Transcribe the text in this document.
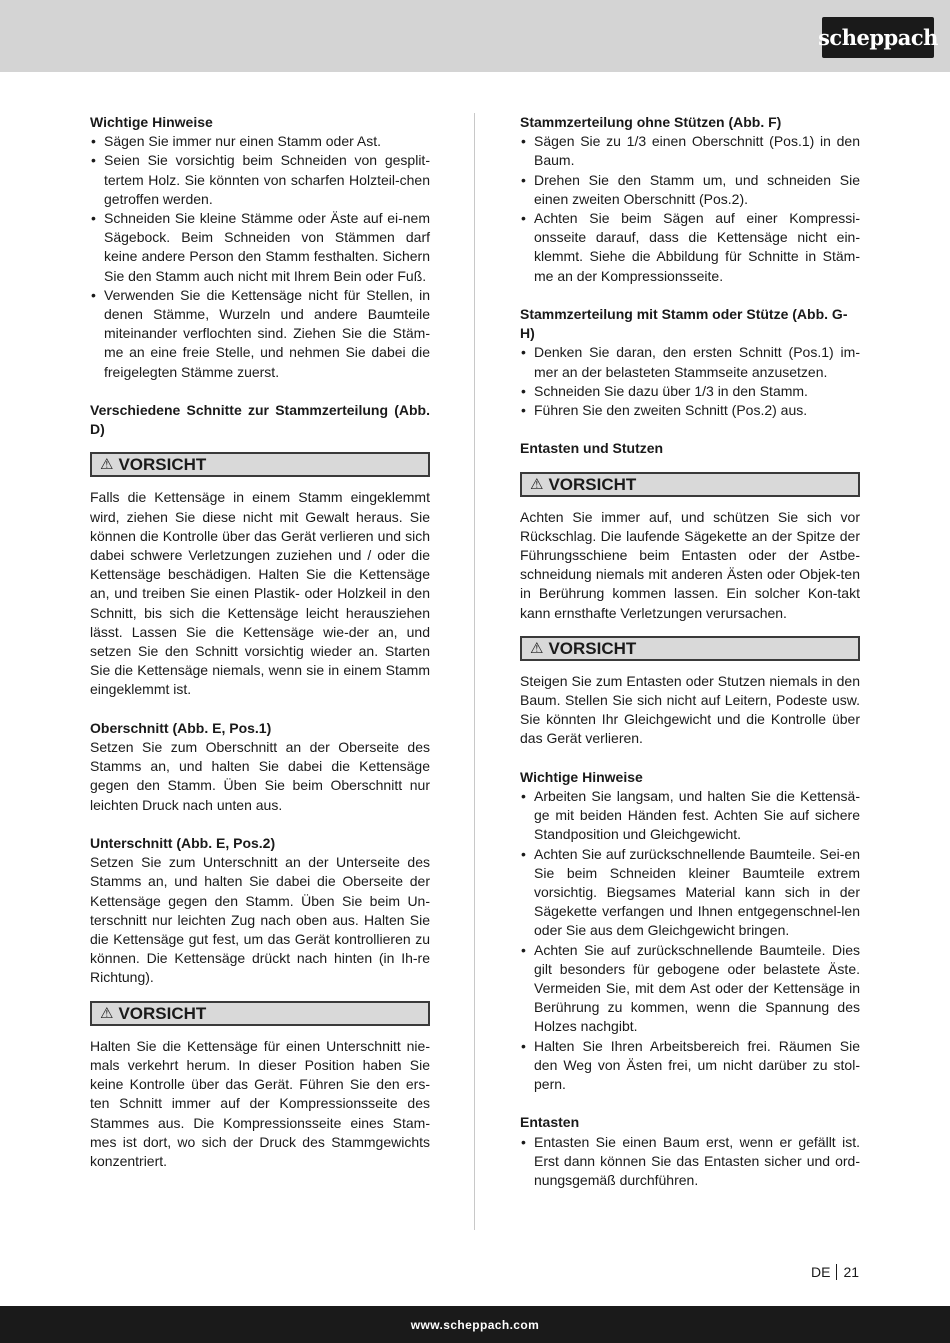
scheppach

Wichtige Hinweise

• Sägen Sie immer nur einen Stamm oder Ast.
• Seien Sie vorsichtig beim Schneiden von gesplit-tertem Holz. Sie könnten von scharfen Holzteil-chen getroffen werden.
• Schneiden Sie kleine Stämme oder Äste auf ei-nem Sägebock. Beim Schneiden von Stämmen darf keine andere Person den Stamm festhalten. Sichern Sie den Stamm auch nicht mit Ihrem Bein oder Fuß.
• Verwenden Sie die Kettensäge nicht für Stellen, in denen Stämme, Wurzeln und andere Baumteile miteinander verflochten sind. Ziehen Sie die Stäm-me an eine freie Stelle, und nehmen Sie dabei die freigelegten Stämme zuerst.

Verschiedene Schnitte zur Stammzerteilung (Abb. D)

⚠ VORSICHT

Falls die Kettensäge in einem Stamm eingeklemmt wird, ziehen Sie diese nicht mit Gewalt heraus. Sie können die Kontrolle über das Gerät verlieren und sich dabei schwere Verletzungen zuziehen und / oder die Kettensäge beschädigen. Halten Sie die Kettensäge an, und treiben Sie einen Plastik- oder Holzkeil in den Schnitt, bis sich die Kettensäge leicht herausziehen lässt. Lassen Sie die Kettensäge wie-der an, und setzen Sie den Schnitt vorsichtig wieder an. Starten Sie die Kettensäge niemals, wenn sie in einem Stamm eingeklemmt ist.

Oberschnitt (Abb. E, Pos.1)

Setzen Sie zum Oberschnitt an der Oberseite des Stamms an, und halten Sie dabei die Kettensäge gegen den Stamm. Üben Sie beim Oberschnitt nur leichten Druck nach unten aus.

Unterschnitt (Abb. E, Pos.2)

Setzen Sie zum Unterschnitt an der Unterseite des Stamms an, und halten Sie dabei die Oberseite der Kettensäge gegen den Stamm. Üben Sie beim Un-terschnitt nur leichten Zug nach oben aus. Halten Sie die Kettensäge gut fest, um das Gerät kontrollieren zu können. Die Kettensäge drückt nach hinten (in Ih-re Richtung).

⚠ VORSICHT

Halten Sie die Kettensäge für einen Unterschnitt nie-mals verkehrt herum. In dieser Position haben Sie keine Kontrolle über das Gerät. Führen Sie den ers-ten Schnitt immer auf der Kompressionsseite des Stammes aus. Die Kompressionsseite eines Stam-mes ist dort, wo sich der Druck des Stammgewichts konzentriert.

Stammzerteilung ohne Stützen (Abb. F)

• Sägen Sie zu 1/3 einen Oberschnitt (Pos.1) in den Baum.
• Drehen Sie den Stamm um, und schneiden Sie einen zweiten Oberschnitt (Pos.2).
• Achten Sie beim Sägen auf einer Kompressi-onsseite darauf, dass die Kettensäge nicht ein-klemmt. Siehe die Abbildung für Schnitte in Stäm-me an der Kompressionsseite.

Stammzerteilung mit Stamm oder Stütze (Abb. G-H)

• Denken Sie daran, den ersten Schnitt (Pos.1) im-mer an der belasteten Stammseite anzusetzen.
• Schneiden Sie dazu über 1/3 in den Stamm.
• Führen Sie den zweiten Schnitt (Pos.2) aus.

Entasten und Stutzen

⚠ VORSICHT

Achten Sie immer auf, und schützen Sie sich vor Rückschlag. Die laufende Sägekette an der Spitze der Führungsschiene beim Entasten oder der Astbe-schneidung niemals mit anderen Ästen oder Objek-ten in Berührung kommen lassen. Ein solcher Kon-takt kann ernsthafte Verletzungen verursachen.

⚠ VORSICHT

Steigen Sie zum Entasten oder Stutzen niemals in den Baum. Stellen Sie sich nicht auf Leitern, Podeste usw. Sie könnten Ihr Gleichgewicht und die Kontrolle über das Gerät verlieren.

Wichtige Hinweise

• Arbeiten Sie langsam, und halten Sie die Kettensä-ge mit beiden Händen fest. Achten Sie auf sichere Standposition und Gleichgewicht.
• Achten Sie auf zurückschnellende Baumteile. Sei-en Sie beim Schneiden kleiner Baumteile extrem vorsichtig. Biegsames Material kann sich in der Sägekette verfangen und Ihnen entgegenschnel-len oder Sie aus dem Gleichgewicht bringen.
• Achten Sie auf zurückschnellende Baumteile. Dies gilt besonders für gebogene oder belastete Äste. Vermeiden Sie, mit dem Ast oder der Kettensäge in Berührung zu kommen, wenn die Spannung des Holzes nachgibt.
• Halten Sie Ihren Arbeitsbereich frei. Räumen Sie den Weg von Ästen frei, um nicht darüber zu stol-pern.

Entasten

• Entasten Sie einen Baum erst, wenn er gefällt ist. Erst dann können Sie das Entasten sicher und ord-nungsgemäß durchführen.
DE 21
www.scheppach.com
